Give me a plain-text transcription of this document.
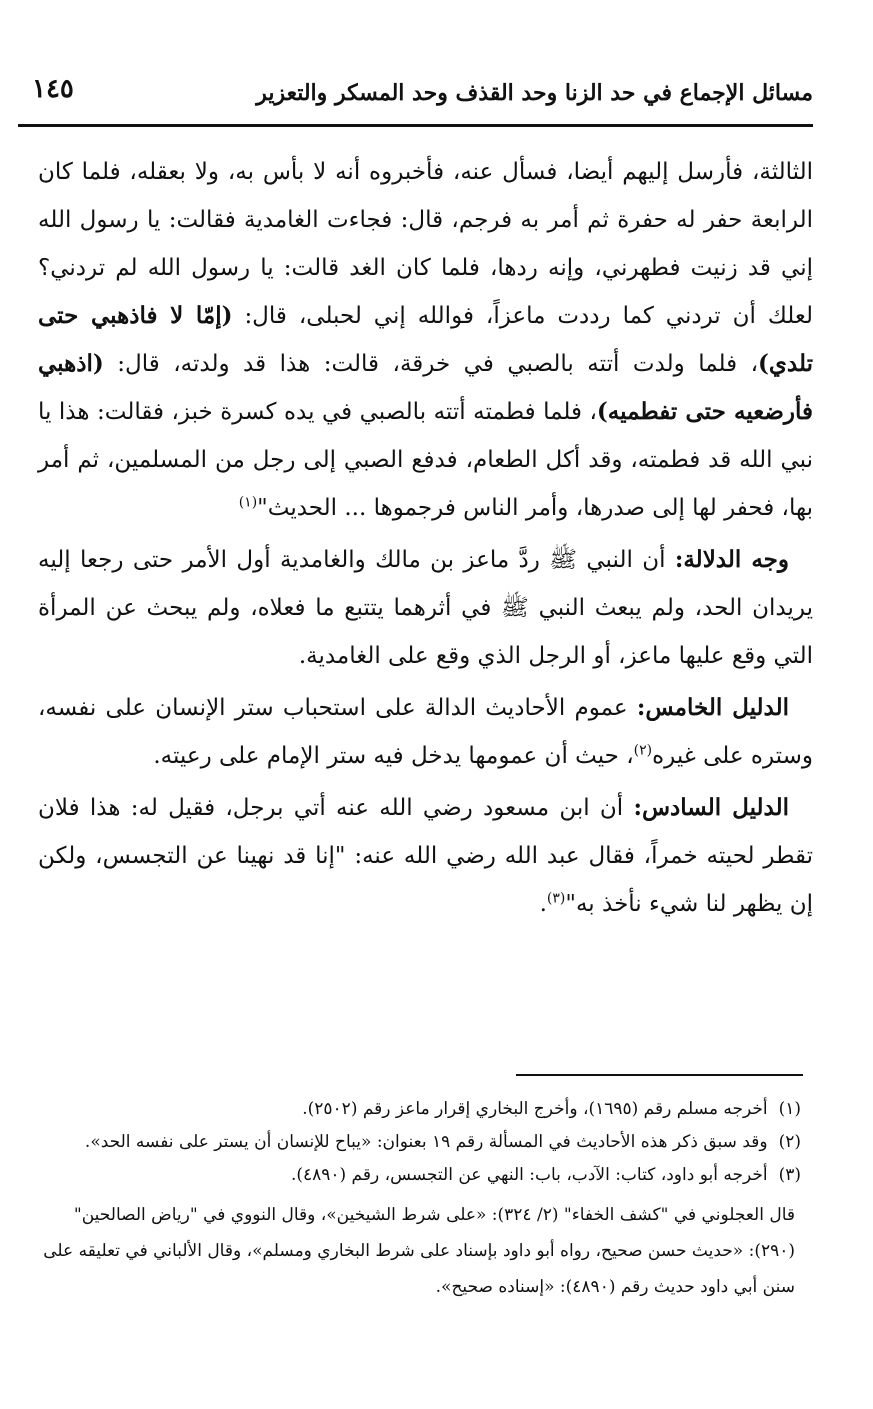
مسائل الإجماع في حد الزنا وحد القذف وحد المسكر والتعزير
١٤٥

الثالثة، فأرسل إليهم أيضا، فسأل عنه، فأخبروه أنه لا بأس به، ولا بعقله، فلما كان الرابعة حفر له حفرة ثم أمر به فرجم، قال: فجاءت الغامدية فقالت: يا رسول الله إني قد زنيت فطهرني، وإنه ردها، فلما كان الغد قالت: يا رسول الله لم تردني؟ لعلك أن تردني كما رددت ماعزاً، فوالله إني لحبلى، قال: (إمّا لا فاذهبي حتى تلدي)، فلما ولدت أتته بالصبي في خرقة، قالت: هذا قد ولدته، قال: (اذهبي فأرضعيه حتى تفطميه)، فلما فطمته أتته بالصبي في يده كسرة خبز، فقالت: هذا يا نبي الله قد فطمته، وقد أكل الطعام، فدفع الصبي إلى رجل من المسلمين، ثم أمر بها، فحفر لها إلى صدرها، وأمر الناس فرجموها ... الحديث"$^{(١)}$

وجه الدلالة: أن النبي ﷺ ردَّ ماعز بن مالك والغامدية أول الأمر حتى رجعا إليه يريدان الحد، ولم يبعث النبي ﷺ في أثرهما يتتبع ما فعلاه، ولم يبحث عن المرأة التي وقع عليها ماعز، أو الرجل الذي وقع على الغامدية.

الدليل الخامس: عموم الأحاديث الدالة على استحباب ستر الإنسان على نفسه، وستره على غيره$^{(٢)}$، حيث أن عمومها يدخل فيه ستر الإمام على رعيته.

الدليل السادس: أن ابن مسعود رضي الله عنه أتي برجل، فقيل له: هذا فلان تقطر لحيته خمراً، فقال عبد الله رضي الله عنه: "إنا قد نهينا عن التجسس، ولكن إن يظهر لنا شيء نأخذ به"$^{(٣)}$.

(١) أخرجه مسلم رقم (١٦٩٥)، وأخرج البخاري إقرار ماعز رقم (٢٥٠٢).

(٢) وقد سبق ذكر هذه الأحاديث في المسألة رقم ١٩ بعنوان: «يباح للإنسان أن يستر على نفسه الحد».

(٣) أخرجه أبو داود، كتاب: الآدب، باب: النهي عن التجسس، رقم (٤٨٩٠).

قال العجلوني في "كشف الخفاء" (٢/ ٣٢٤): «على شرط الشيخين»، وقال النووي في "رياض الصالحين" (٢٩٠): «حديث حسن صحيح، رواه أبو داود بإسناد على شرط البخاري ومسلم»، وقال الألباني في تعليقه على سنن أبي داود حديث رقم (٤٨٩٠): «إسناده صحيح».
